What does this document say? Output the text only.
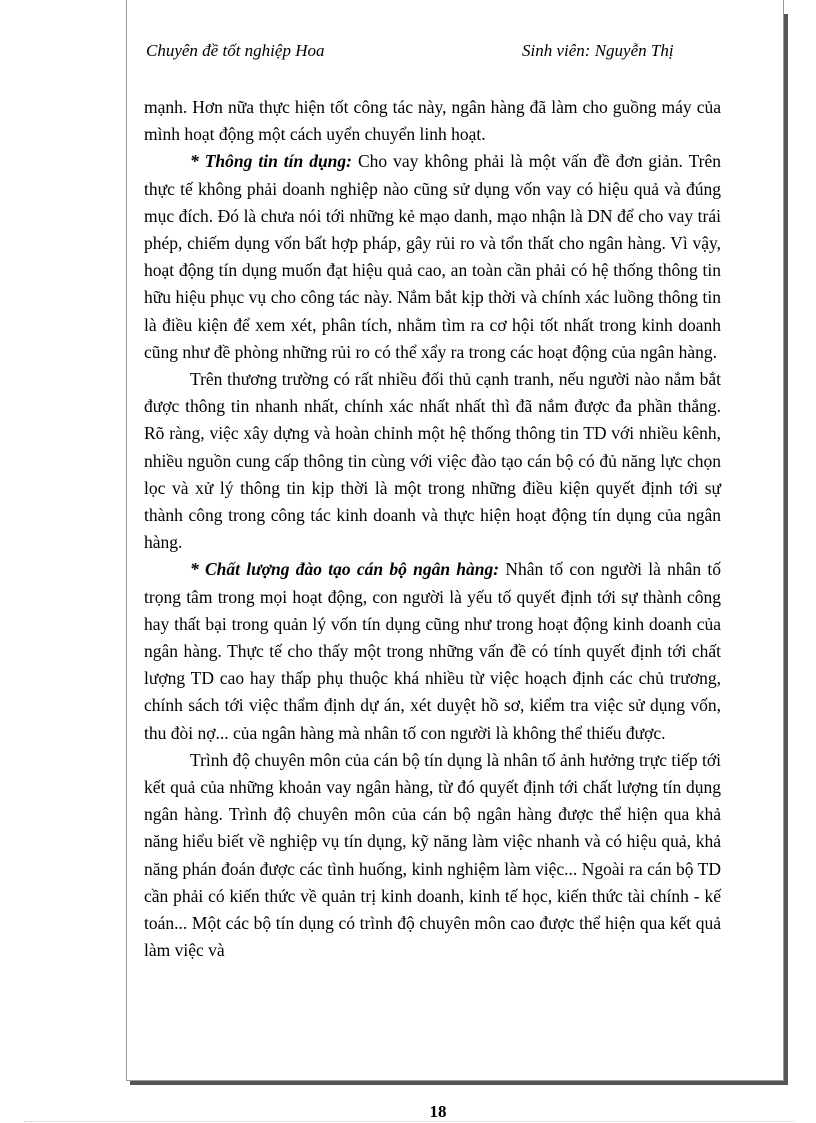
Chuyên đề tốt nghiệp Hoa	Sinh viên: Nguyễn Thị

mạnh. Hơn nữa thực hiện tốt công tác này, ngân hàng đã làm cho guồng máy của mình hoạt động một cách uyển chuyển linh hoạt.

* Thông tin tín dụng: Cho vay không phải là một vấn đề đơn giản. Trên thực tế không phải doanh nghiệp nào cũng sử dụng vốn vay có hiệu quả và đúng mục đích. Đó là chưa nói tới những kẻ mạo danh, mạo nhận là DN để cho vay trái phép, chiếm dụng vốn bất hợp pháp, gây rủi ro và tổn thất cho ngân hàng. Vì vậy, hoạt động tín dụng muốn đạt hiệu quả cao, an toàn cần phải có hệ thống thông tin hữu hiệu phục vụ cho công tác này. Nắm bắt kịp thời và chính xác luồng thông tin là điều kiện để xem xét, phân tích, nhằm tìm ra cơ hội tốt nhất trong kinh doanh cũng như đề phòng những rủi ro có thể xẩy ra trong các hoạt động của ngân hàng.

Trên thương trường có rất nhiều đối thủ cạnh tranh, nếu người nào nắm bắt được thông tin nhanh nhất, chính xác nhất nhất thì đã nắm được đa phần thắng. Rõ ràng, việc xây dựng và hoàn chỉnh một hệ thống thông tin TD với nhiều kênh, nhiều nguồn cung cấp thông tin cùng với việc đào tạo cán bộ có đủ năng lực chọn lọc và xử lý thông tin kịp thời là một trong những điều kiện quyết định tới sự thành công trong công tác kinh doanh và thực hiện hoạt động tín dụng của ngân hàng.

* Chất lượng đào tạo cán bộ ngân hàng: Nhân tố con người là nhân tố trọng tâm trong mọi hoạt động, con người là yếu tố quyết định tới sự thành công hay thất bại trong quản lý vốn tín dụng cũng như trong hoạt động kinh doanh của ngân hàng. Thực tế cho thấy một trong những vấn đề có tính quyết định tới chất lượng TD cao hay thấp phụ thuộc khá nhiều từ việc hoạch định các chủ trương, chính sách tới việc thẩm định dự án, xét duyệt hồ sơ, kiểm tra việc sử dụng vốn, thu đòi nợ... của ngân hàng mà nhân tố con người là không thể thiếu được.

Trình độ chuyên môn của cán bộ tín dụng là nhân tố ảnh hưởng trực tiếp tới kết quả của những khoản vay ngân hàng, từ đó quyết định tới chất lượng tín dụng ngân hàng. Trình độ chuyên môn của cán bộ ngân hàng được thể hiện qua khả năng hiểu biết về nghiệp vụ tín dụng, kỹ năng làm việc nhanh và có hiệu quả, khả năng phán đoán được các tình huống, kinh nghiệm làm việc... Ngoài ra cán bộ TD cần phải có kiến thức về quản trị kinh doanh, kinh tế học, kiến thức tài chính - kế toán... Một các bộ tín dụng có trình độ chuyên môn cao được thể hiện qua kết quả làm việc và

18
